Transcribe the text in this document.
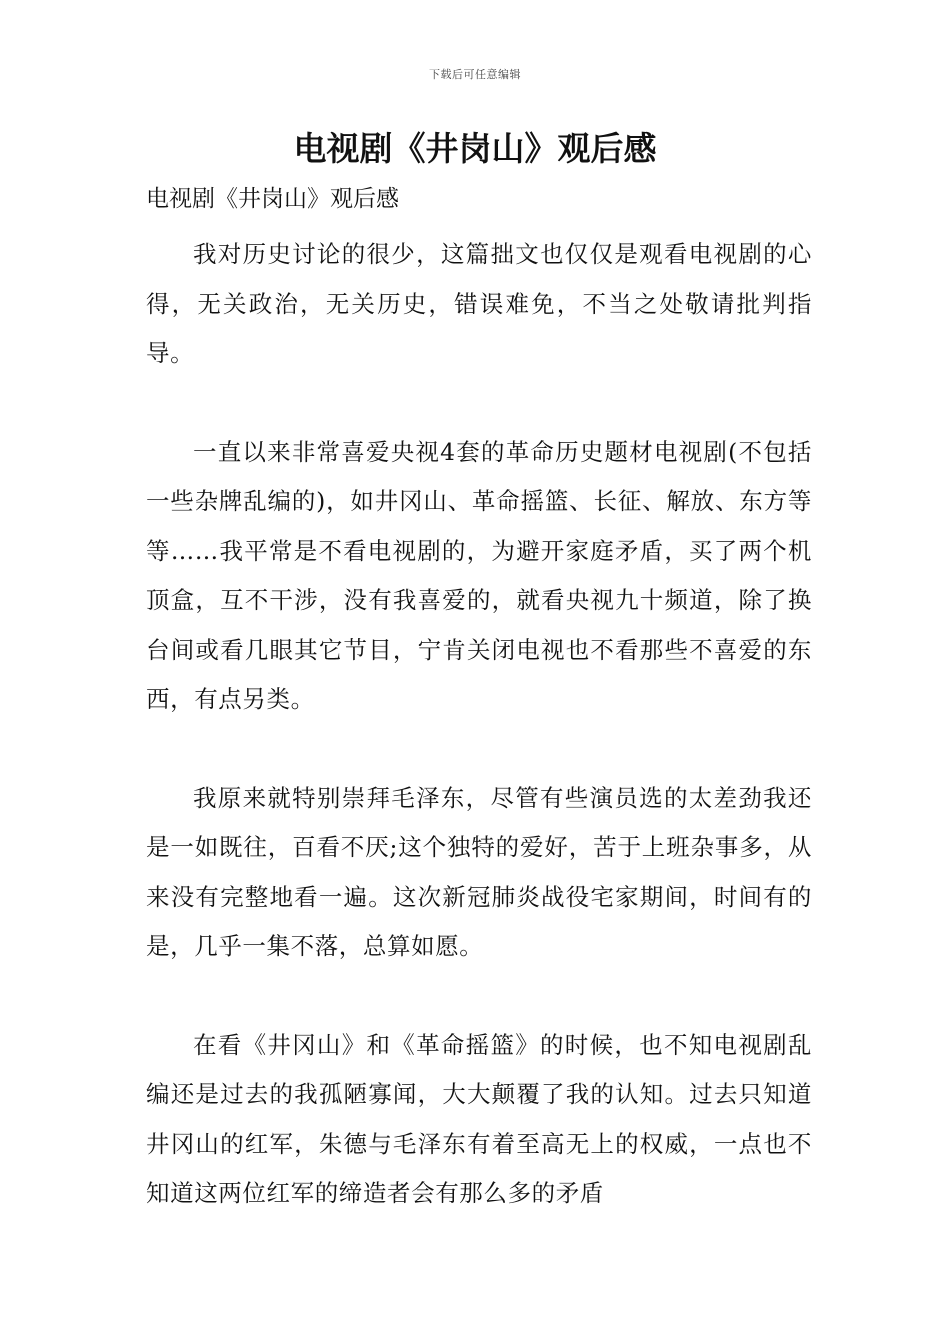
下载后可任意编辑
电视剧《井岗山》观后感

电视剧《井岗山》观后感

我对历史讨论的很少，这篇拙文也仅仅是观看电视剧的心得，无关政治，无关历史，错误难免，不当之处敬请批判指导。

一直以来非常喜爱央视4套的革命历史题材电视剧(不包括一些杂牌乱编的)，如井冈山、革命摇篮、长征、解放、东方等等……我平常是不看电视剧的，为避开家庭矛盾，买了两个机顶盒，互不干涉，没有我喜爱的，就看央视九十频道，除了换台间或看几眼其它节目，宁肯关闭电视也不看那些不喜爱的东西，有点另类。

我原来就特别崇拜毛泽东，尽管有些演员选的太差劲我还是一如既往，百看不厌;这个独特的爱好，苦于上班杂事多，从来没有完整地看一遍。这次新冠肺炎战役宅家期间，时间有的是，几乎一集不落，总算如愿。

在看《井冈山》和《革命摇篮》的时候，也不知电视剧乱编还是过去的我孤陋寡闻，大大颠覆了我的认知。过去只知道井冈山的红军，朱德与毛泽东有着至高无上的权威，一点也不知道这两位红军的缔造者会有那么多的矛盾
